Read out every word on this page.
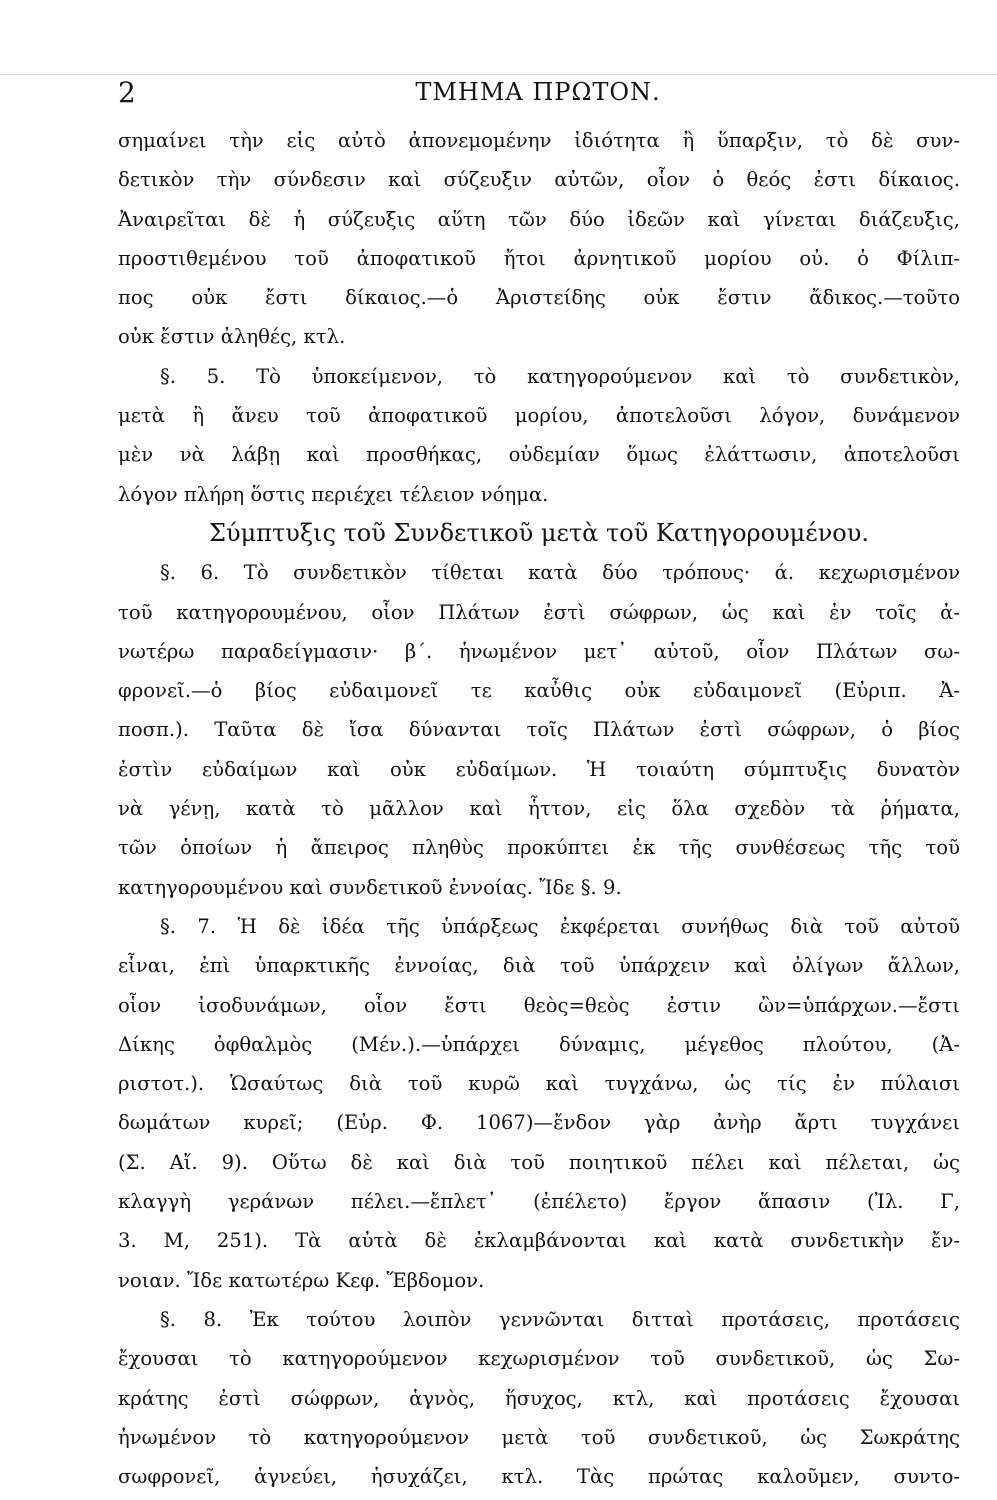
2	ΤΜΗΜΑ ΠΡΩΤΟΝ.
σημαίνει τὴν εἰς αὐτὸ ἀπονεμομένην ἰδιότητα ἢ ὕπαρξιν, τὸ δὲ συν-
δετικὸν τὴν σύνδεσιν καὶ σύζευξιν αὐτῶν, οἷον ὁ θεός ἐστι δίκαιος.
Ἀναιρεῖται δὲ ἡ σύζευξις αὕτη τῶν δύο ἰδεῶν καὶ γίνεται διάζευξις,
προστιθεμένου τοῦ ἀποφατικοῦ ἤτοι ἀρνητικοῦ μορίου οὐ. ὁ Φίλιπ-
πος οὐκ ἔστι δίκαιος.—ὁ Ἀριστείδης οὐκ ἔστιν ἄδικος.—τοῦτο
οὐκ ἔστιν ἀληθές, κτλ.
§. 5. Τὸ ὑποκείμενον, τὸ κατηγορούμενον καὶ τὸ συνδετικὸν,
μετὰ ἢ ἄνευ τοῦ ἀποφατικοῦ μορίου, ἀποτελοῦσι λόγον, δυνάμενον
μὲν νὰ λάβῃ καὶ προσθήκας, οὐδεμίαν ὅμως ἐλάττωσιν, ἀποτελοῦσι
λόγον πλήρη ὅστις περιέχει τέλειον νόημα.
Σύμπτυξις τοῦ Συνδετικοῦ μετὰ τοῦ Κατηγορουμένου.
§. 6. Τὸ συνδετικὸν τίθεται κατὰ δύο τρόπους· ά. κεχωρισμένον
τοῦ κατηγορουμένου, οἷον Πλάτων ἐστὶ σώφρων, ὡς καὶ ἐν τοῖς ἀ-
νωτέρω παραδείγμασιν· β΄. ἡνωμένον μετ᾽ αὐτοῦ, οἷον Πλάτων σω-
φρονεῖ.—ὁ βίος εὐδαιμονεῖ τε καὖθις οὐκ εὐδαιμονεῖ (Εὐριπ. Ἀ-
ποσπ.). Ταῦτα δὲ ἴσα δύνανται τοῖς Πλάτων ἐστὶ σώφρων, ὁ βίος
ἐστὶν εὐδαίμων καὶ οὐκ εὐδαίμων. Ἡ τοιαύτη σύμπτυξις δυνατὸν
νὰ γένῃ, κατὰ τὸ μᾶλλον καὶ ἧττον, εἰς ὅλα σχεδὸν τὰ ῥήματα,
τῶν ὁποίων ἡ ἄπειρος πληθὺς προκύπτει ἐκ τῆς συνθέσεως τῆς τοῦ
κατηγορουμένου καὶ συνδετικοῦ ἐννοίας. Ἴδε §. 9.
§. 7. Ἡ δὲ ἰδέα τῆς ὑπάρξεως ἐκφέρεται συνήθως διὰ τοῦ αὐτοῦ
εἶναι, ἐπὶ ὑπαρκτικῆς ἐννοίας, διὰ τοῦ ὑπάρχειν καὶ ὀλίγων ἄλλων,
οἷον ἰσοδυνάμων, οἷον ἔστι θεὸς=θεὸς ἐστιν ὢν=ὑπάρχων.—ἔστι
Δίκης ὀφθαλμὸς (Μέν.).—ὑπάρχει δύναμις, μέγεθος πλούτου, (Ἀ-
ριστοτ.). Ὡσαύτως διὰ τοῦ κυρῶ καὶ τυγχάνω, ὡς τίς ἐν πύλαισι
δωμάτων κυρεῖ; (Εὐρ. Φ. 1067)—ἔνδον γὰρ ἀνὴρ ἄρτι τυγχάνει
(Σ. Αἴ. 9). Οὕτω δὲ καὶ διὰ τοῦ ποιητικοῦ πέλει καὶ πέλεται, ὡς
κλαγγὴ γεράνων πέλει.—ἔπλετ᾽ (ἐπέλετο) ἔργον ἅπασιν (Ἰλ. Γ,
3. Μ, 251). Τὰ αὐτὰ δὲ ἐκλαμβάνονται καὶ κατὰ συνδετικὴν ἔν-
νοιαν. Ἴδε κατωτέρω Κεφ. Ἕβδομον.
§. 8. Ἐκ τούτου λοιπὸν γεννῶνται διτταὶ προτάσεις, προτάσεις
ἔχουσαι τὸ κατηγορούμενον κεχωρισμένον τοῦ συνδετικοῦ, ὡς Σω-
κράτης ἐστὶ σώφρων, ἁγνὸς, ἥσυχος, κτλ, καὶ προτάσεις ἔχουσαι
ἡνωμένον τὸ κατηγορούμενον μετὰ τοῦ συνδετικοῦ, ὡς Σωκράτης
σωφρονεῖ, ἁγνεύει, ἡσυχάζει, κτλ. Τὰς πρώτας καλοῦμεν, συντο-
